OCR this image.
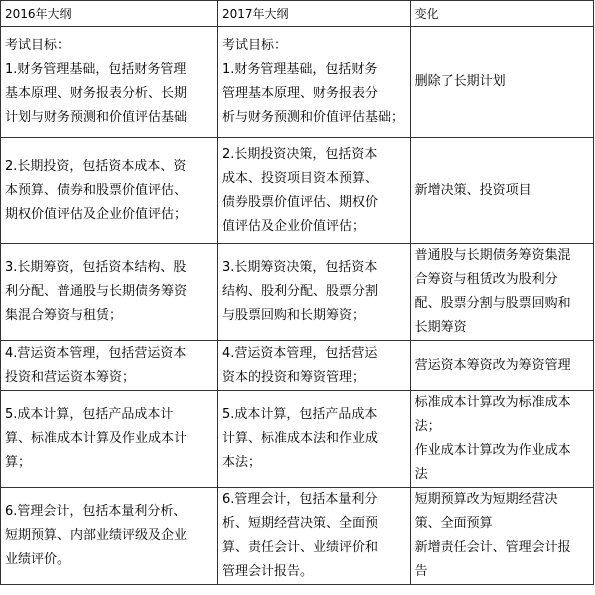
2016年大纲	2017年大纲	变化

考试目标：
1.财务管理基础，包括财务管理
基本原理、财务报表分析、长期
计划与财务预测和价值评估基础	考试目标：
1.财务管理基础，包括财务
管理基本原理、财务报表分
析与财务预测和价值评估基础；	删除了长期计划

2.长期投资，包括资本成本、资
本预算、债券和股票价值评估、
期权价值评估及企业价值评估；	2.长期投资决策，包括资本
成本、投资项目资本预算、
债券股票价值评估、期权价
值评估及企业价值评估；	新增决策、投资项目

3.长期筹资，包括资本结构、股
利分配、普通股与长期债务筹资
集混合筹资与租赁；	3.长期筹资决策，包括资本
结构、股利分配、股票分割
与股票回购和长期筹资；	普通股与长期债务筹资集混
合筹资与租赁改为股利分
配、股票分割与股票回购和
长期筹资

4.营运资本管理，包括营运资本
投资和营运资本筹资；	4.营运资本管理，包括营运
资本的投资和筹资管理；	营运资本筹资改为筹资管理

5.成本计算，包括产品成本计
算、标准成本计算及作业成本计
算；	5.成本计算，包括产品成本
计算、标准成本法和作业成
本法；	标准成本计算改为标准成本
法；
作业成本计算改为作业成本
法

6.管理会计，包括本量利分析、
短期预算、内部业绩评级及企业
业绩评价。	6.管理会计，包括本量利分
析、短期经营决策、全面预
算、责任会计、业绩评价和
管理会计报告。	短期预算改为短期经营决
策、全面预算
新增责任会计、管理会计报
告
